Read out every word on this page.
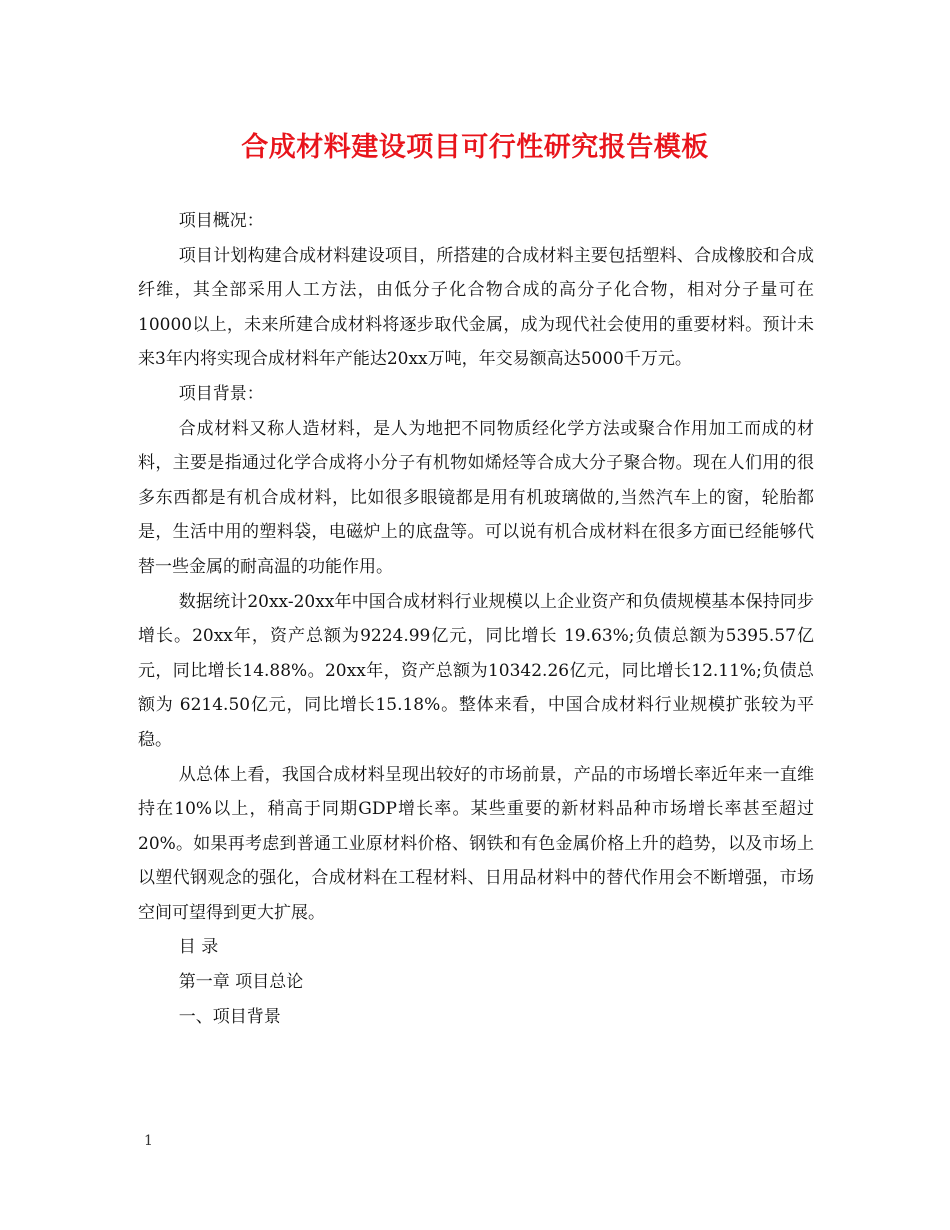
合成材料建设项目可行性研究报告模板

项目概况：

项目计划构建合成材料建设项目，所搭建的合成材料主要包括塑料、合成橡胶和合成纤维，其全部采用人工方法，由低分子化合物合成的高分子化合物，相对分子量可在10000以上，未来所建合成材料将逐步取代金属，成为现代社会使用的重要材料。预计未来3年内将实现合成材料年产能达20xx万吨，年交易额高达5000千万元。

项目背景：

合成材料又称人造材料，是人为地把不同物质经化学方法或聚合作用加工而成的材料，主要是指通过化学合成将小分子有机物如烯烃等合成大分子聚合物。现在人们用的很多东西都是有机合成材料，比如很多眼镜都是用有机玻璃做的,当然汽车上的窗，轮胎都是，生活中用的塑料袋，电磁炉上的底盘等。可以说有机合成材料在很多方面已经能够代替一些金属的耐高温的功能作用。

数据统计20xx-20xx年中国合成材料行业规模以上企业资产和负债规模基本保持同步增长。20xx年，资产总额为9224.99亿元，同比增长 19.63%;负债总额为5395.57亿元，同比增长14.88%。20xx年，资产总额为10342.26亿元，同比增长12.11%;负债总额为 6214.50亿元，同比增长15.18%。整体来看，中国合成材料行业规模扩张较为平稳。

从总体上看，我国合成材料呈现出较好的市场前景，产品的市场增长率近年来一直维持在10%以上，稍高于同期GDP增长率。某些重要的新材料品种市场增长率甚至超过20%。如果再考虑到普通工业原材料价格、钢铁和有色金属价格上升的趋势，以及市场上以塑代钢观念的强化，合成材料在工程材料、日用品材料中的替代作用会不断增强，市场空间可望得到更大扩展。

目 录

第一章 项目总论

一、项目背景

1
